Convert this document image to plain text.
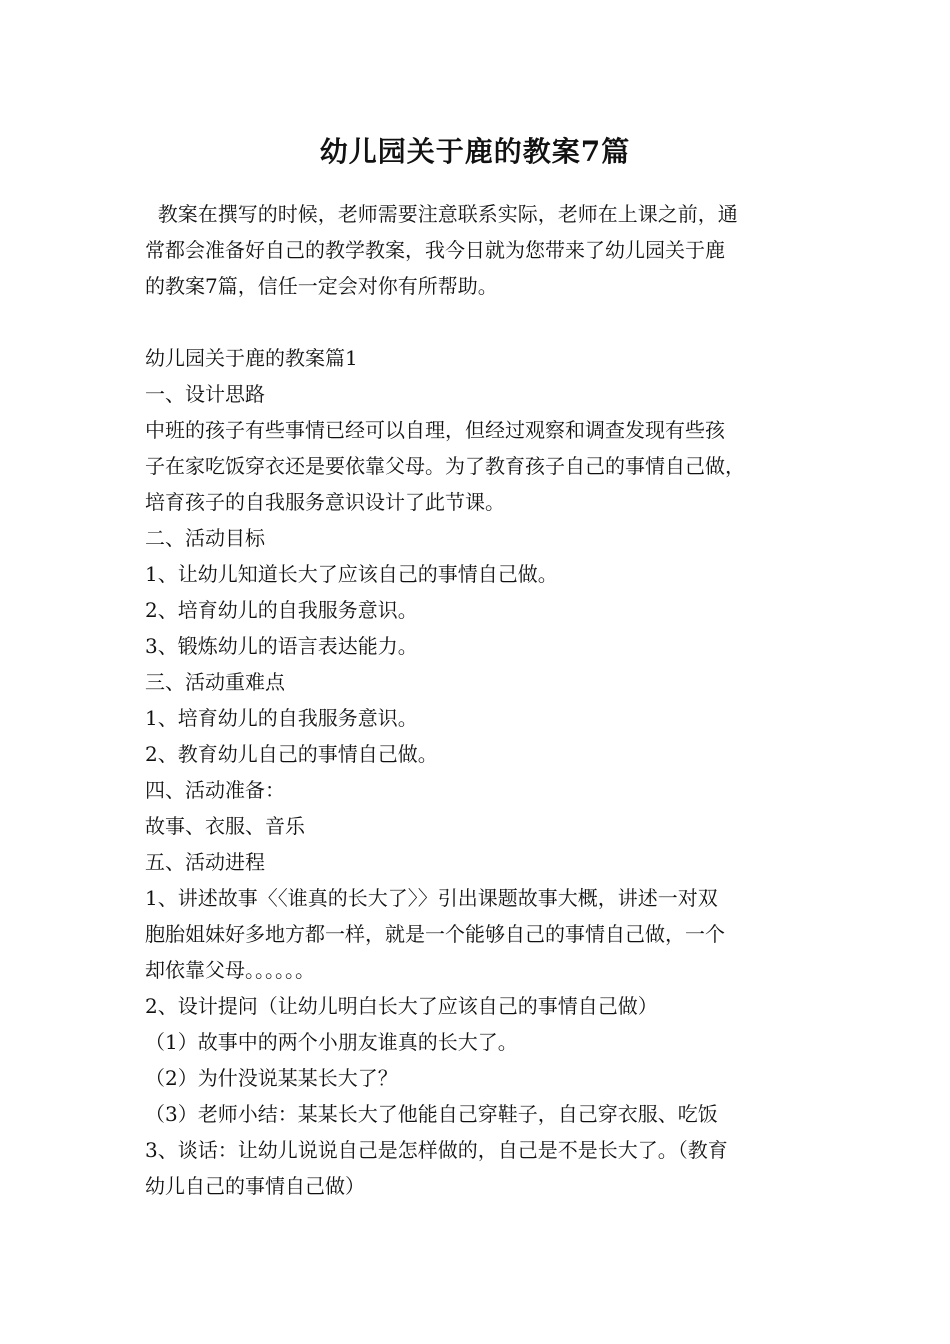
幼儿园关于鹿的教案7篇
教案在撰写的时候，老师需要注意联系实际，老师在上课之前，通
常都会准备好自己的教学教案，我今日就为您带来了幼儿园关于鹿
的教案7篇，信任一定会对你有所帮助。
幼儿园关于鹿的教案篇1
一、设计思路
中班的孩子有些事情已经可以自理，但经过观察和调查发现有些孩
子在家吃饭穿衣还是要依靠父母。为了教育孩子自己的事情自己做，
培育孩子的自我服务意识设计了此节课。
二、活动目标
1、让幼儿知道长大了应该自己的事情自己做。
2、培育幼儿的自我服务意识。
3、锻炼幼儿的语言表达能力。
三、活动重难点
1、培育幼儿的自我服务意识。
2、教育幼儿自己的事情自己做。
四、活动准备：
故事、衣服、音乐
五、活动进程
1、讲述故事〈〈谁真的长大了〉〉引出课题故事大概，讲述一对双
胞胎姐妹好多地方都一样，就是一个能够自己的事情自己做，一个
却依靠父母。。。。。。
2、设计提问（让幼儿明白长大了应该自己的事情自己做）
（1）故事中的两个小朋友谁真的长大了。
（2）为什没说某某长大了？
（3）老师小结：某某长大了他能自己穿鞋子，自己穿衣服、吃饭
3、谈话：让幼儿说说自己是怎样做的，自己是不是长大了。（教育
幼儿自己的事情自己做）
